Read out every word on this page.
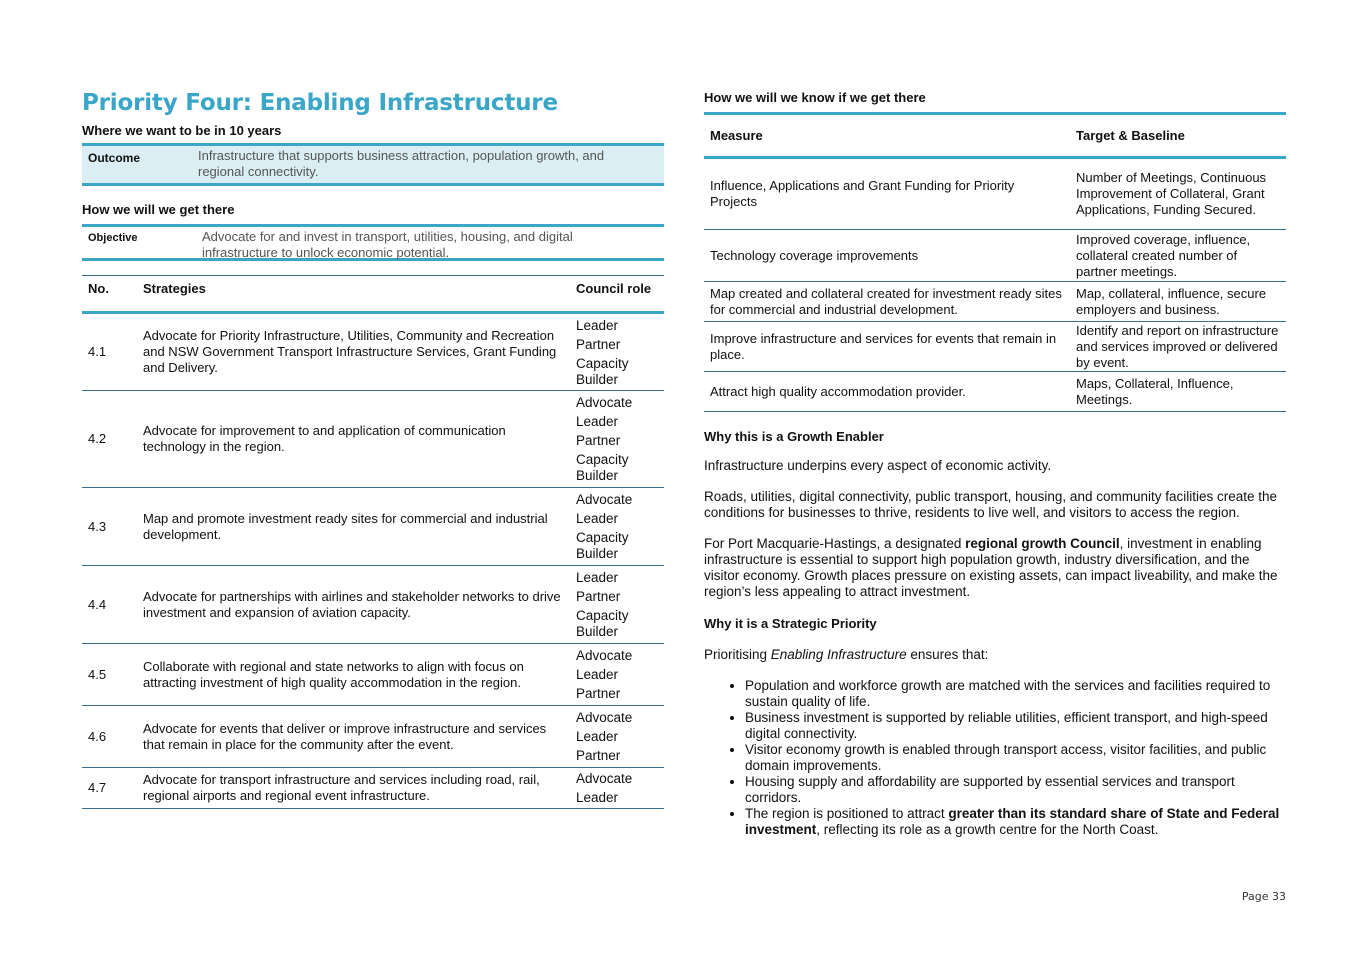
Priority Four: Enabling Infrastructure

Where we want to be in 10 years

Outcome	Infrastructure that supports business attraction, population growth, and regional connectivity.

How we will we get there

Objective	Advocate for and invest in transport, utilities, housing, and digital infrastructure to unlock economic potential.
No.	Strategies	Council role
4.1	Advocate for Priority Infrastructure, Utilities, Community and Recreation and NSW Government Transport Infrastructure Services, Grant Funding and Delivery.	Leader
Partner
Capacity Builder

4.2	Advocate for improvement to and application of communication technology in the region.	Advocate
Leader
Partner
Capacity Builder

4.3	Map and promote investment ready sites for commercial and industrial development.	Advocate
Leader
Capacity Builder

4.4	Advocate for partnerships with airlines and stakeholder networks to drive investment and expansion of aviation capacity.	Leader
Partner
Capacity Builder

4.5	Collaborate with regional and state networks to align with focus on attracting investment of high quality accommodation in the region.	Advocate
Leader
Partner

4.6	Advocate for events that deliver or improve infrastructure and services that remain in place for the community after the event.	Advocate
Leader
Partner

4.7	Advocate for transport infrastructure and services including road, rail, regional airports and regional event infrastructure.	Advocate
Leader

How we will we know if we get there

Measure	Target & Baseline
Influence, Applications and Grant Funding for Priority Projects	Number of Meetings, Continuous Improvement of Collateral, Grant Applications, Funding Secured.
Technology coverage improvements	Improved coverage, influence, collateral created number of partner meetings.
Map created and collateral created for investment ready sites for commercial and industrial development.	Map, collateral, influence, secure employers and business.
Improve infrastructure and services for events that remain in place.	Identify and report on infrastructure and services improved or delivered by event.
Attract high quality accommodation provider.	Maps, Collateral, Influence, Meetings.

Why this is a Growth Enabler

Infrastructure underpins every aspect of economic activity.

Roads, utilities, digital connectivity, public transport, housing, and community facilities create the conditions for businesses to thrive, residents to live well, and visitors to access the region.

For Port Macquarie-Hastings, a designated regional growth Council, investment in enabling infrastructure is essential to support high population growth, industry diversification, and the visitor economy. Growth places pressure on existing assets, can impact liveability, and make the region’s less appealing to attract investment.

Why it is a Strategic Priority

Prioritising Enabling Infrastructure ensures that:

• Population and workforce growth are matched with the services and facilities required to sustain quality of life.
• Business investment is supported by reliable utilities, efficient transport, and high-speed digital connectivity.
• Visitor economy growth is enabled through transport access, visitor facilities, and public domain improvements.
• Housing supply and affordability are supported by essential services and transport corridors.
• The region is positioned to attract greater than its standard share of State and Federal investment, reflecting its role as a growth centre for the North Coast.
Page 33
